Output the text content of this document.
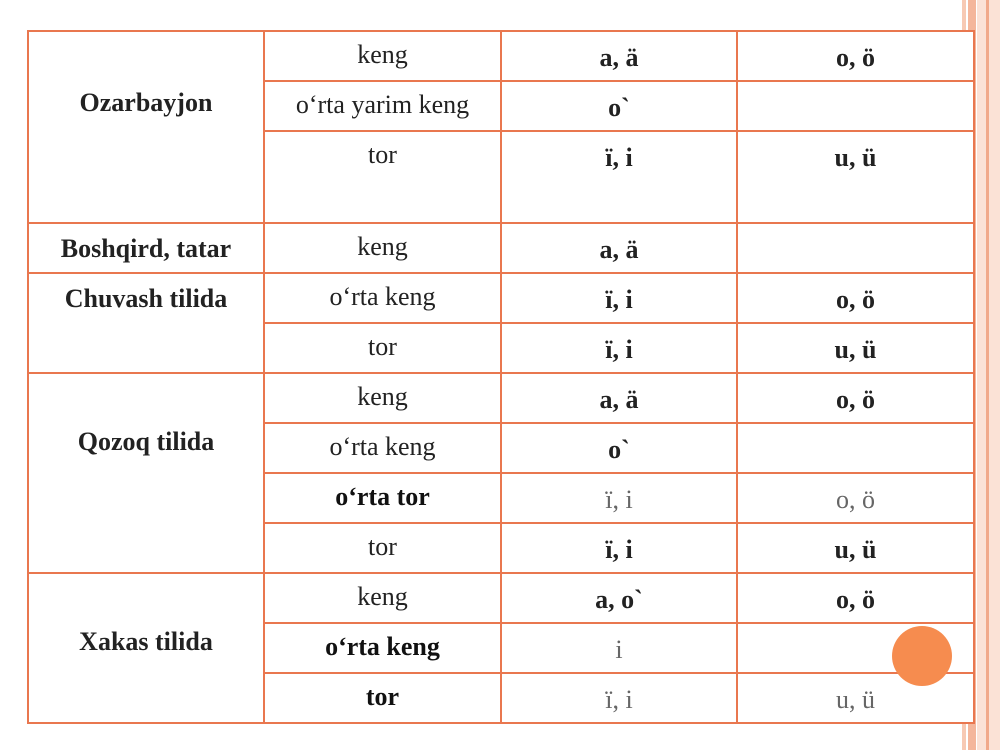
Ozarbayjon	keng	a, ä	o, ö

	o‘rta yarim keng	o`	

	tor	ï, i	u, ü

Boshqird, tatar	keng	a, ä	

Chuvash tilida	o‘rta keng	ï, i	o, ö

	tor	ï, i	u, ü

Qozoq tilida	keng	a, ä	o, ö

	o‘rta keng	o`	

	o‘rta tor	ï, i	o, ö

	tor	ï, i	u, ü

Xakas tilida	keng	a, o`	o, ö

	o‘rta keng	i	

	tor	ï, i	u, ü
